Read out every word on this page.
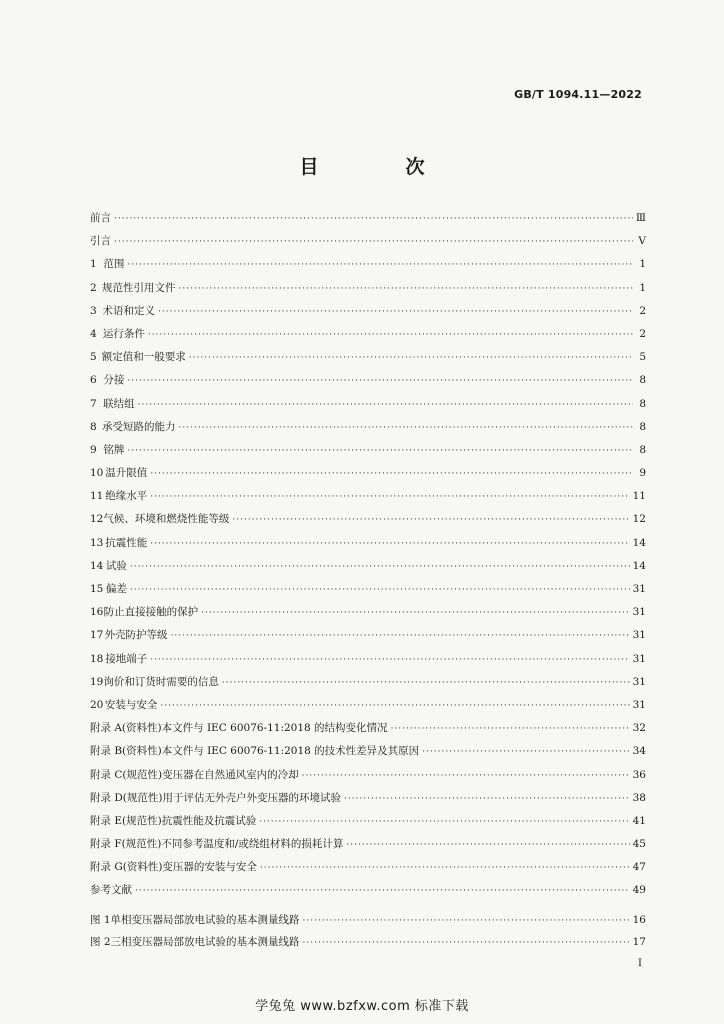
GB/T 1094.11—2022
目　次
前言 ·····	Ⅲ
引言 ·····	Ⅴ
1 范围 ·····	1
2 规范性引用文件 ·····	1
3 术语和定义 ·····	2
4 运行条件 ·····	2
5 额定值和一般要求 ·····	5
6 分接 ·····	8
7 联结组 ·····	8
8 承受短路的能力 ·····	8
9 铭牌 ·····	8
10 温升限值 ·····	9
11 绝缘水平 ·····	11
12 气候、环境和燃烧性能等级 ·····	12
13 抗震性能 ·····	14
14 试验 ·····	14
15 偏差 ·····	31
16 防止直接接触的保护 ·····	31
17 外壳防护等级 ·····	31
18 接地端子 ·····	31
19 询价和订货时需要的信息 ·····	31
20 安装与安全 ·····	31
附录 A(资料性) 本文件与 IEC 60076-11:2018 的结构变化情况 ·····	32
附录 B(资料性) 本文件与 IEC 60076-11:2018 的技术性差异及其原因 ·····	34
附录 C(规范性) 变压器在自然通风室内的冷却 ·····	36
附录 D(规范性) 用于评估无外壳户外变压器的环境试验 ·····	38
附录 E(规范性) 抗震性能及抗震试验 ·····	41
附录 F(规范性) 不同参考温度和/或绕组材料的损耗计算 ·····	45
附录 G(资料性) 变压器的安装与安全 ·····	47
参考文献 ·····	49
图 1 单相变压器局部放电试验的基本测量线路 ·····	16
图 2 三相变压器局部放电试验的基本测量线路 ·····	17
Ⅰ
学兔兔 www.bzfxw.com 标准下载
